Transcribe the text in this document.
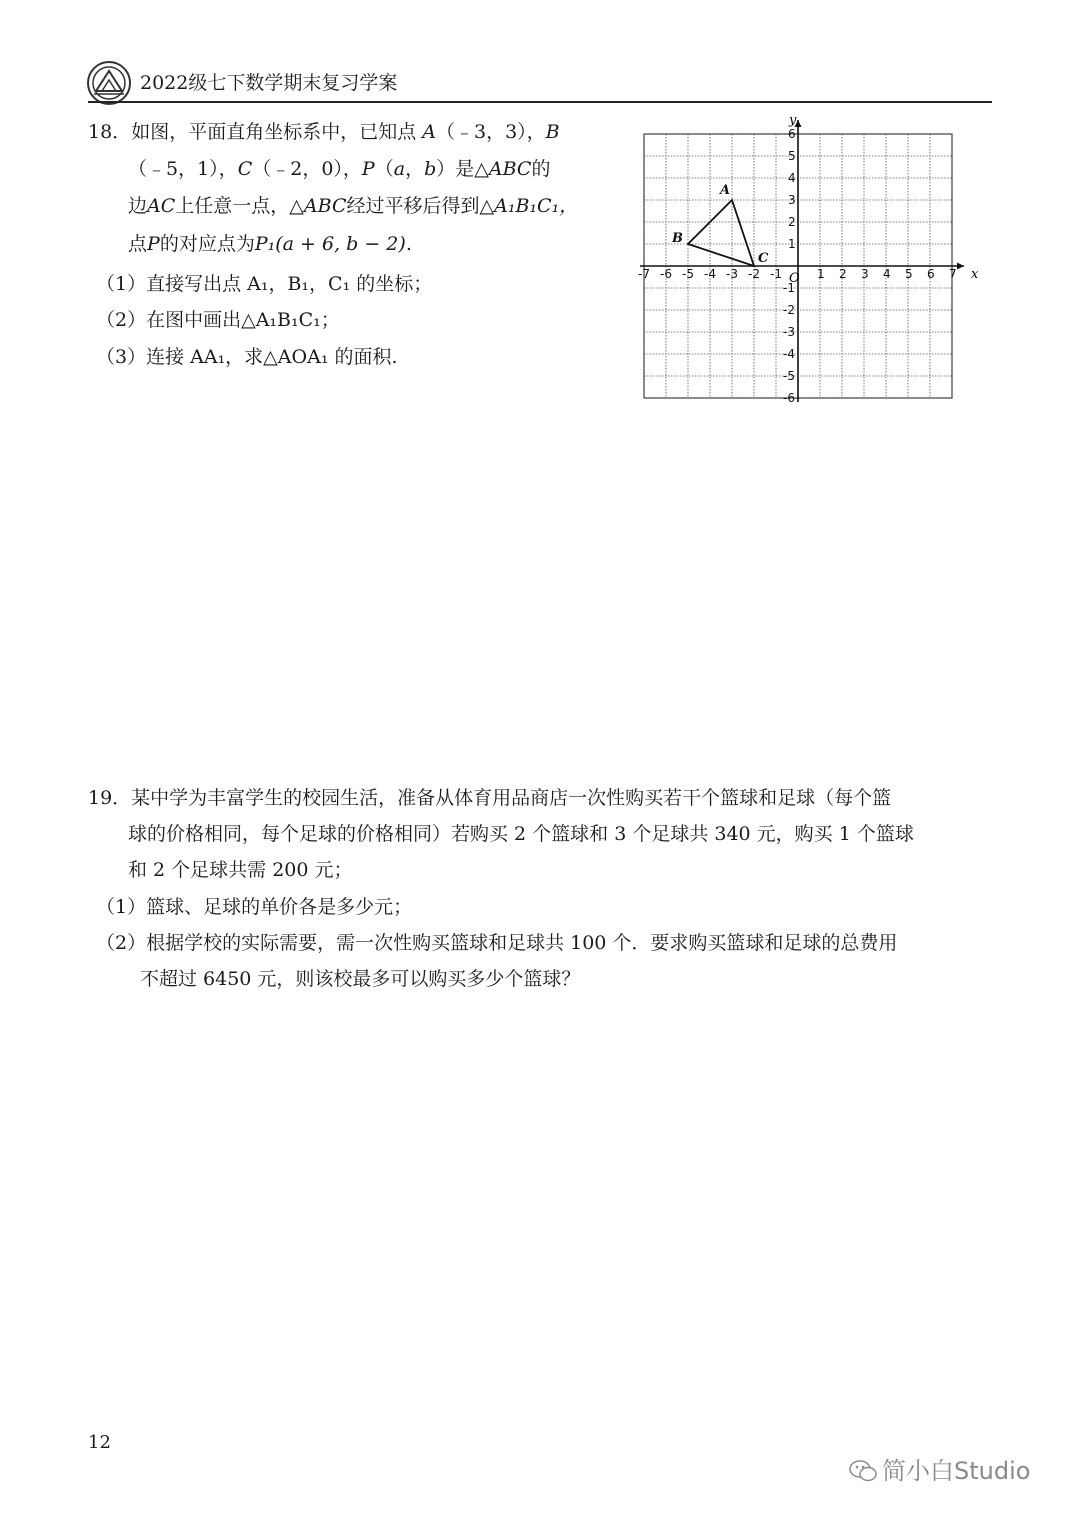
2022级七下数学期末复习学案
18．如图，平面直角坐标系中，已知点 A（﹣3，3），B
（﹣5，1），C（﹣2，0），P（a，b）是△ABC的
边AC上任意一点，△ABC经过平移后得到△A₁B₁C₁，
点P的对应点为P₁(a + 6, b − 2).
（1）直接写出点 A₁，B₁，C₁ 的坐标；
（2）在图中画出△A₁B₁C₁；
（3）连接 AA₁，求△AOA₁ 的面积.
-7 -6 -5 -4 -3 -2 -1	1 2 3 4 5 6 7
6
5
4
3
2
1
-1
-2
-3
-4
-5
-6
A
B
C
x
y
O
19．某中学为丰富学生的校园生活，准备从体育用品商店一次性购买若干个篮球和足球（每个篮
球的价格相同，每个足球的价格相同）若购买 2 个篮球和 3 个足球共 340 元，购买 1 个篮球
和 2 个足球共需 200 元；
（1）篮球、足球的单价各是多少元；
（2）根据学校的实际需要，需一次性购买篮球和足球共 100 个．要求购买篮球和足球的总费用
不超过 6450 元，则该校最多可以购买多少个篮球？
12
简小白Studio
